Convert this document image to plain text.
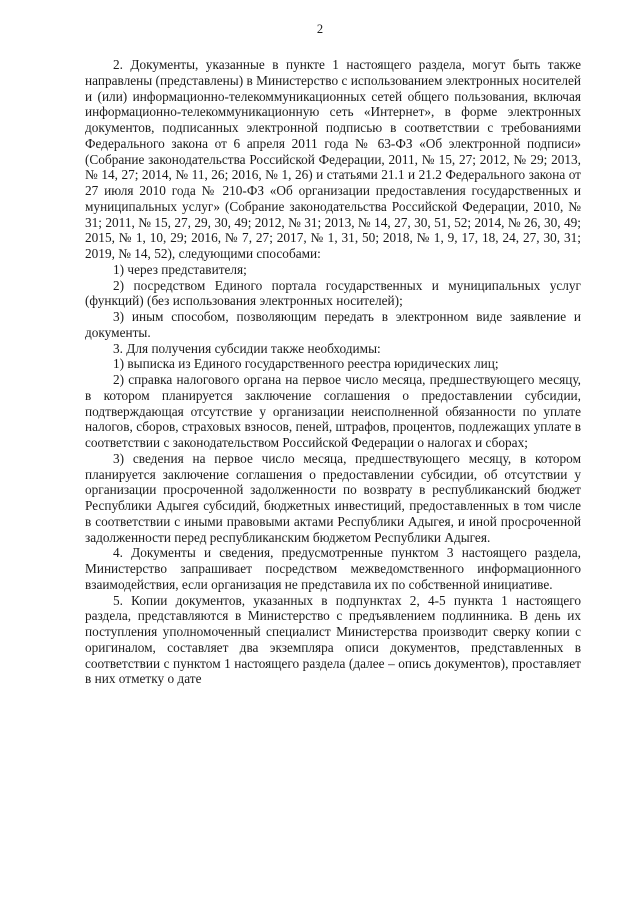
2

2. Документы, указанные в пункте 1 настоящего раздела, могут быть также направлены (представлены) в Министерство с использованием электронных носителей и (или) информационно-телекоммуникационных сетей общего пользования, включая информационно-телекоммуникационную сеть «Интернет», в форме электронных документов, подписанных электронной подписью в соответствии с требованиями Федерального закона от 6 апреля 2011 года № 63-ФЗ «Об электронной подписи» (Собрание законодательства Российской Федерации, 2011, № 15, 27; 2012, № 29; 2013, № 14, 27; 2014, № 11, 26; 2016, № 1, 26) и статьями 21.1 и 21.2 Федерального закона от 27 июля 2010 года № 210-ФЗ «Об организации предоставления государственных и муниципальных услуг» (Собрание законодательства Российской Федерации, 2010, № 31; 2011, № 15, 27, 29, 30, 49; 2012, № 31; 2013, № 14, 27, 30, 51, 52; 2014, № 26, 30, 49; 2015, № 1, 10, 29; 2016, № 7, 27; 2017, № 1, 31, 50; 2018, № 1, 9, 17, 18, 24, 27, 30, 31; 2019, № 14, 52), следующими способами:

1) через представителя;

2) посредством Единого портала государственных и муниципальных услуг (функций) (без использования электронных носителей);

3) иным способом, позволяющим передать в электронном виде заявление и документы.

3. Для получения субсидии также необходимы:

1) выписка из Единого государственного реестра юридических лиц;

2) справка налогового органа на первое число месяца, предшествующего месяцу, в котором планируется заключение соглашения о предоставлении субсидии, подтверждающая отсутствие у организации неисполненной обязанности по уплате налогов, сборов, страховых взносов, пеней, штрафов, процентов, подлежащих уплате в соответствии с законодательством Российской Федерации о налогах и сборах;

3) сведения на первое число месяца, предшествующего месяцу, в котором планируется заключение соглашения о предоставлении субсидии, об отсутствии у организации просроченной задолженности по возврату в республиканский бюджет Республики Адыгея субсидий, бюджетных инвестиций, предоставленных в том числе в соответствии с иными правовыми актами Республики Адыгея, и иной просроченной задолженности перед республиканским бюджетом Республики Адыгея.

4. Документы и сведения, предусмотренные пунктом 3 настоящего раздела, Министерство запрашивает посредством межведомственного информационного взаимодействия, если организация не представила их по собственной инициативе.

5. Копии документов, указанных в подпунктах 2, 4-5 пункта 1 настоящего раздела, представляются в Министерство с предъявлением подлинника. В день их поступления уполномоченный специалист Министерства производит сверку копии с оригиналом, составляет два экземпляра описи документов, представленных в соответствии с пунктом 1 настоящего раздела (далее – опись документов), проставляет в них отметку о дате
